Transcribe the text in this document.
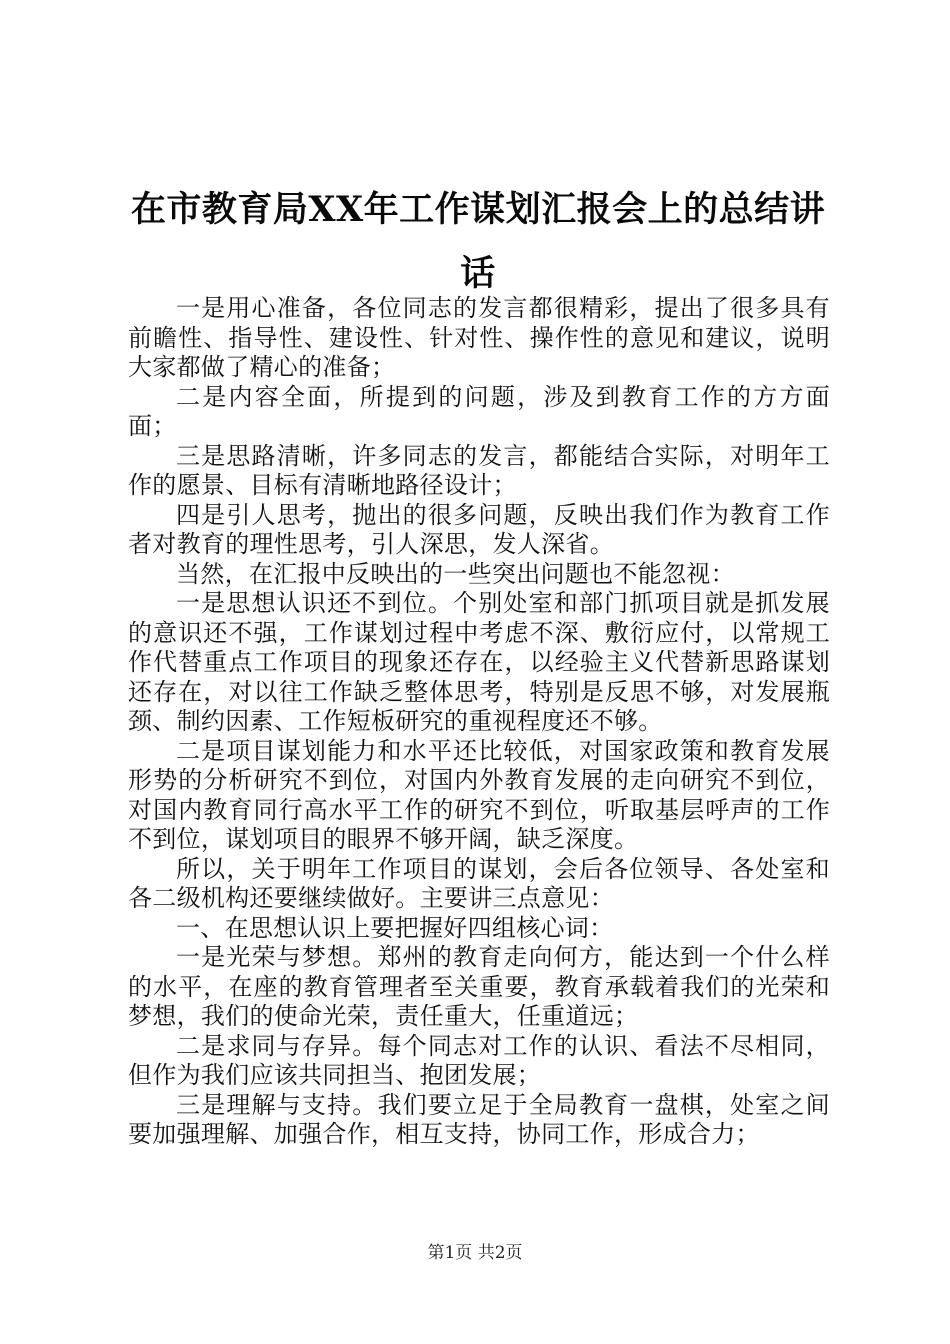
在市教育局XX年工作谋划汇报会上的总结讲话

一是用心准备，各位同志的发言都很精彩，提出了很多具有前瞻性、指导性、建设性、针对性、操作性的意见和建议，说明大家都做了精心的准备；

二是内容全面，所提到的问题，涉及到教育工作的方方面面；

三是思路清晰，许多同志的发言，都能结合实际，对明年工作的愿景、目标有清晰地路径设计；

四是引人思考，抛出的很多问题，反映出我们作为教育工作者对教育的理性思考，引人深思，发人深省。

当然，在汇报中反映出的一些突出问题也不能忽视：

一是思想认识还不到位。个别处室和部门抓项目就是抓发展的意识还不强，工作谋划过程中考虑不深、敷衍应付，以常规工作代替重点工作项目的现象还存在，以经验主义代替新思路谋划还存在，对以往工作缺乏整体思考，特别是反思不够，对发展瓶颈、制约因素、工作短板研究的重视程度还不够。

二是项目谋划能力和水平还比较低，对国家政策和教育发展形势的分析研究不到位，对国内外教育发展的走向研究不到位，对国内教育同行高水平工作的研究不到位，听取基层呼声的工作不到位，谋划项目的眼界不够开阔，缺乏深度。

所以，关于明年工作项目的谋划，会后各位领导、各处室和各二级机构还要继续做好。主要讲三点意见：

一、在思想认识上要把握好四组核心词：

一是光荣与梦想。郑州的教育走向何方，能达到一个什么样的水平，在座的教育管理者至关重要，教育承载着我们的光荣和梦想，我们的使命光荣，责任重大，任重道远；

二是求同与存异。每个同志对工作的认识、看法不尽相同，但作为我们应该共同担当、抱团发展；

三是理解与支持。我们要立足于全局教育一盘棋，处室之间要加强理解、加强合作，相互支持，协同工作，形成合力；

第1页 共2页
